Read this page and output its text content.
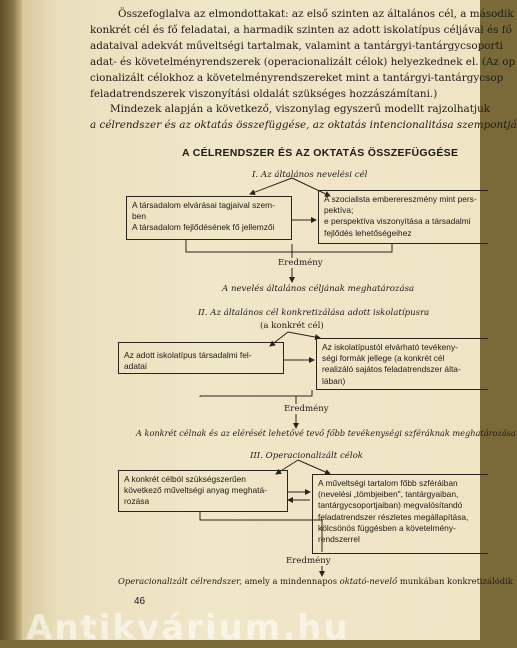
Összefoglalva az elmondottakat: az első szinten az általános cél, a második
konkrét cél és fő feladatai, a harmadik szinten az adott iskolatípus céljával és fő
adataival adekvát műveltségi tartalmak, valamint a tantárgyi-tantárgycsoporti
adat- és követelményrendszerek (operacionalizált célok) helyezkednek el. (Az op
cionalizált célokhoz a követelményrendszereket mint a tantárgyi-tantárgycsop
feladatrendszerek viszonyítási oldalát szükséges hozzászámítani.)
Mindezek alapján a következő, viszonylag egyszerű modellt rajzolhatjuk
a célrendszer és az oktatás összefüggése, az oktatás intencionalitása szempontjá
A CÉLRENDSZER ÉS AZ OKTATÁS ÖSSZEFÜGGÉSE
I. Az általános nevelési cél
A társadalom elvárásai tagjaival szem-
ben
A társadalom fejlődésének fő jellemzői
A szocialista emberereszmény mint pers-
pektíva;
e perspektíva viszonyítása a társadalmi
fejlődés lehetőségeihez
Eredmény
A nevelés általános céljának meghatározása
II. Az általános cél konkretizálása adott iskolatípusra
(a konkrét cél)
Az adott iskolatípus társadalmi fel-
adatai
Az iskolatípustól elvárható tevékeny-
ségi formák jellege (a konkrét cél
realizáló sajátos feladatrendszer álta-
lában)
Eredmény
A konkrét célnak és az elérését lehetővé tevő főbb tevékenységi szféráknak meghatározása
III. Operacionalizált célok
A konkrét célból szükségszerűen
következő műveltségi anyag meghatá-
rozása
A műveltségi tartalom főbb szféráiban
(nevelési „tömbjeiben", tantárgyaiban,
tantárgycsoportjaiban) megvalósítandó
feladatrendszer részletes megállapítása,
kölcsönös függésben a követelmény-
rendszerrel
Eredmény
Operacionalizált célrendszer, amely a mindennapos oktató-nevelő munkában konkretizálódik
46
Antikvárium.hu
